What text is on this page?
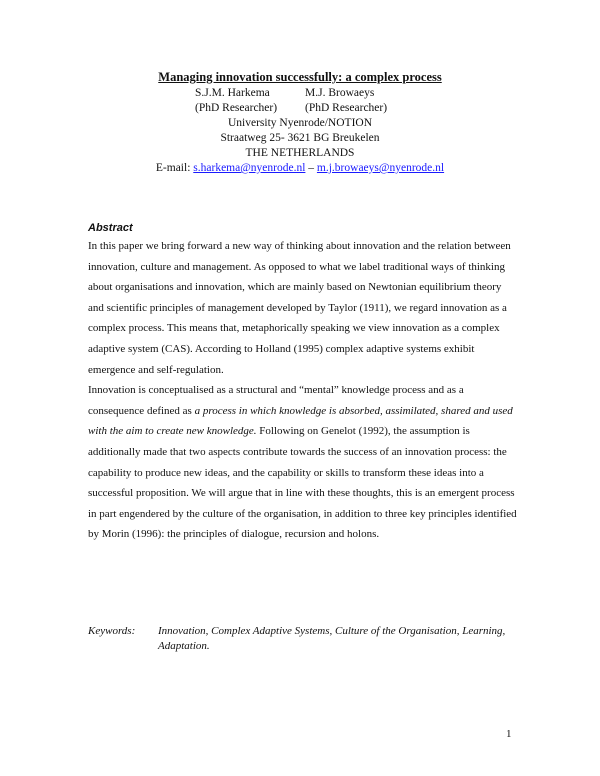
Managing innovation successfully: a complex process
S.J.M. Harkema	M.J. Browaeys
(PhD Researcher)	(PhD Researcher)
University Nyenrode/NOTION
Straatweg 25- 3621 BG Breukelen
THE NETHERLANDS
E-mail: s.harkema@nyenrode.nl – m.j.browaeys@nyenrode.nl
Abstract

In this paper we bring forward a new way of thinking about innovation and the relation between innovation, culture and management. As opposed to what we label traditional ways of thinking about organisations and innovation, which are mainly based on Newtonian equilibrium theory and scientific principles of management developed by Taylor (1911), we regard innovation as a complex process. This means that, metaphorically speaking we view innovation as a complex adaptive system (CAS). According to Holland (1995) complex adaptive systems exhibit emergence and self-regulation.

Innovation is conceptualised as a structural and “mental” knowledge process and as a consequence defined as a process in which knowledge is absorbed, assimilated, shared and used with the aim to create new knowledge. Following on Genelot (1992), the assumption is additionally made that two aspects contribute towards the success of an innovation process: the capability to produce new ideas, and the capability or skills to transform these ideas into a successful proposition. We will argue that in line with these thoughts, this is an emergent process in part engendered by the culture of the organisation, in addition to three key principles identified by Morin (1996): the principles of dialogue, recursion and holons.

Keywords:	Innovation, Complex Adaptive Systems, Culture of the Organisation, Learning, Adaptation.
1
